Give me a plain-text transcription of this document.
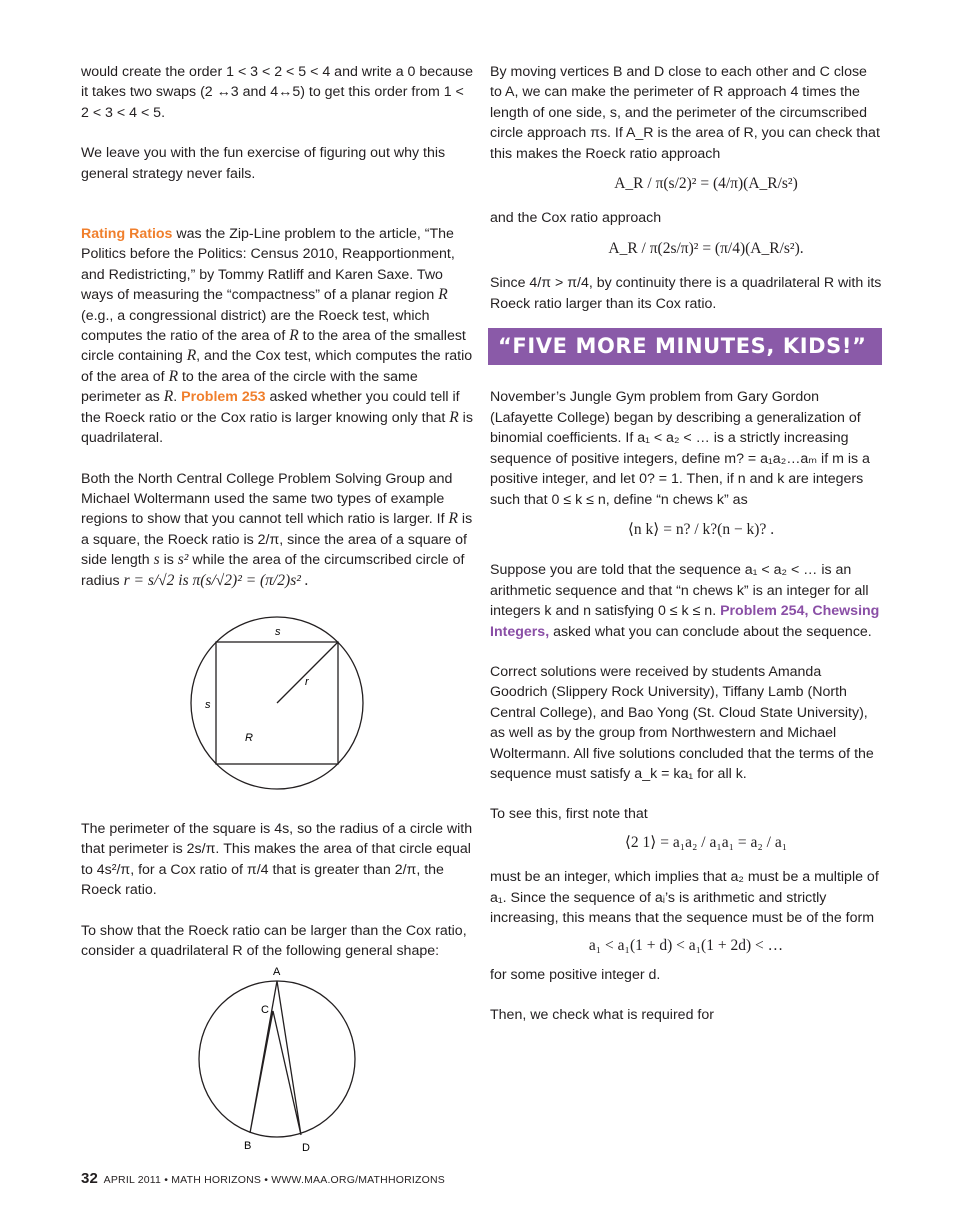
would create the order 1 < 3 < 2 < 5 < 4 and write a 0 because it takes two swaps (2 ↔3 and 4↔5) to get this order from 1 < 2 < 3 < 4 < 5.

We leave you with the fun exercise of figuring out why this general strategy never fails.

Rating Ratios was the Zip-Line problem to the article, “The Politics before the Politics: Census 2010, Reapportionment, and Redistricting,” by Tommy Ratliff and Karen Saxe. Two ways of measuring the “compactness” of a planar region R (e.g., a congressional district) are the Roeck test, which computes the ratio of the area of R to the area of the smallest circle containing R, and the Cox test, which computes the ratio of the area of R to the area of the circle with the same perimeter as R. Problem 253 asked whether you could tell if the Roeck ratio or the Cox ratio is larger knowing only that R is quadrilateral.

Both the North Central College Problem Solving Group and Michael Woltermann used the same two types of example regions to show that you cannot tell which ratio is larger. If R is a square, the Roeck ratio is 2/π, since the area of a square of side length s is s² while the area of the circumscribed circle of radius r = s/√2 is π(s/√2)² = (π/2)s² .

s
s
r
R

The perimeter of the square is 4s, so the radius of a circle with that perimeter is 2s/π. This makes the area of that circle equal to 4s²/π, for a Cox ratio of π/4 that is greater than 2/π, the Roeck ratio.

To show that the Roeck ratio can be larger than the Cox ratio, consider a quadrilateral R of the following general shape:

A
C
B	D

By moving vertices B and D close to each other and C close to A, we can make the perimeter of R approach 4 times the length of one side, s, and the perimeter of the circumscribed circle approach πs. If A_R is the area of R, you can check that this makes the Roeck ratio approach

A_R / π(s/2)² = (4/π)(A_R/s²)

and the Cox ratio approach

A_R / π(2s/π)² = (π/4)(A_R/s²).

Since 4/π > π/4, by continuity there is a quadrilateral R with its Roeck ratio larger than its Cox ratio.

“FIVE MORE MINUTES, KIDS!”

November’s Jungle Gym problem from Gary Gordon (Lafayette College) began by describing a generalization of binomial coefficients. If a₁ < a₂ < … is a strictly increasing sequence of positive integers, define m? = a₁a₂…aₘ if m is a positive integer, and let 0? = 1. Then, if n and k are integers such that 0 ≤ k ≤ n, define “n chews k” as

⟨n k⟩ = n? / k?(n − k)? .

Suppose you are told that the sequence a₁ < a₂ < … is an arithmetic sequence and that “n chews k” is an integer for all integers k and n satisfying 0 ≤ k ≤ n. Problem 254, Chewsing Integers, asked what you can conclude about the sequence.

Correct solutions were received by students Amanda Goodrich (Slippery Rock University), Tiffany Lamb (North Central College), and Bao Yong (St. Cloud State University), as well as by the group from Northwestern and Michael Woltermann. All five solutions concluded that the terms of the sequence must satisfy a_k = ka₁ for all k.

To see this, first note that

⟨2 1⟩ = a₁a₂ / a₁a₁ = a₂ / a₁

must be an integer, which implies that a₂ must be a multiple of a₁. Since the sequence of aᵢ’s is arithmetic and strictly increasing, this means that the sequence must be of the form

a₁ < a₁(1 + d) < a₁(1 + 2d) < …

for some positive integer d.

Then, we check what is required for

32 APRIL 2011 • MATH HORIZONS • WWW.MAA.ORG/MATHHORIZONS
